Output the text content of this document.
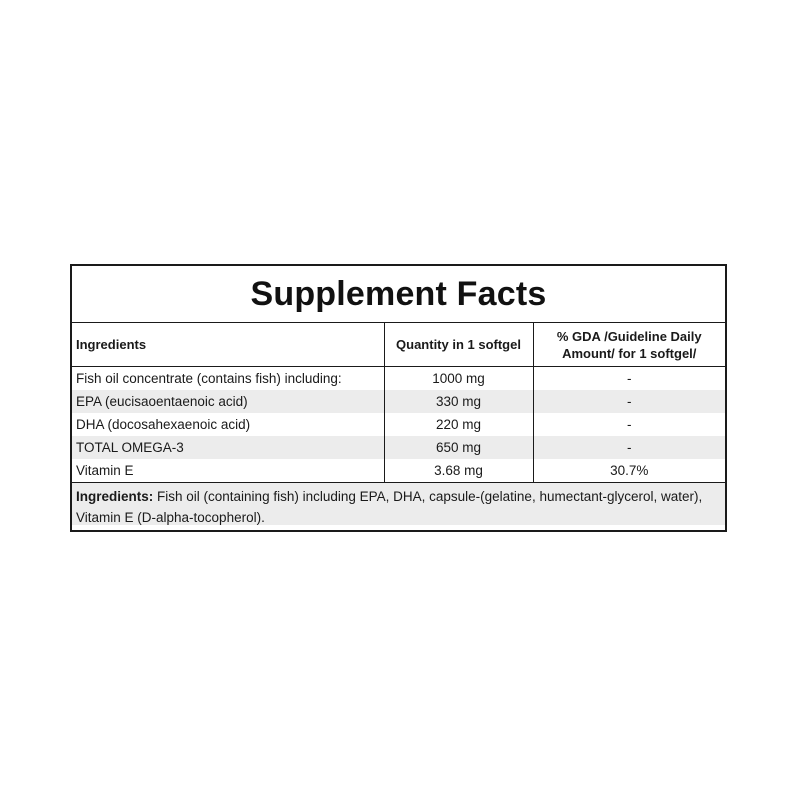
Supplement Facts
Ingredients	Quantity in 1 softgel	% GDA /Guideline Daily
Amount/ for 1 softgel/

Fish oil concentrate (contains fish) including:	1000 mg	-
EPA (eucisaoentaenoic acid)	330 mg	-
DHA (docosahexaenoic acid)	220 mg	-
TOTAL OMEGA-3	650 mg	-
Vitamin E	3.68 mg	30.7%
Ingredients: Fish oil (containing fish) including EPA, DHA, capsule-(gelatine, humectant-glycerol, water), Vitamin E (D-alpha-tocopherol).
